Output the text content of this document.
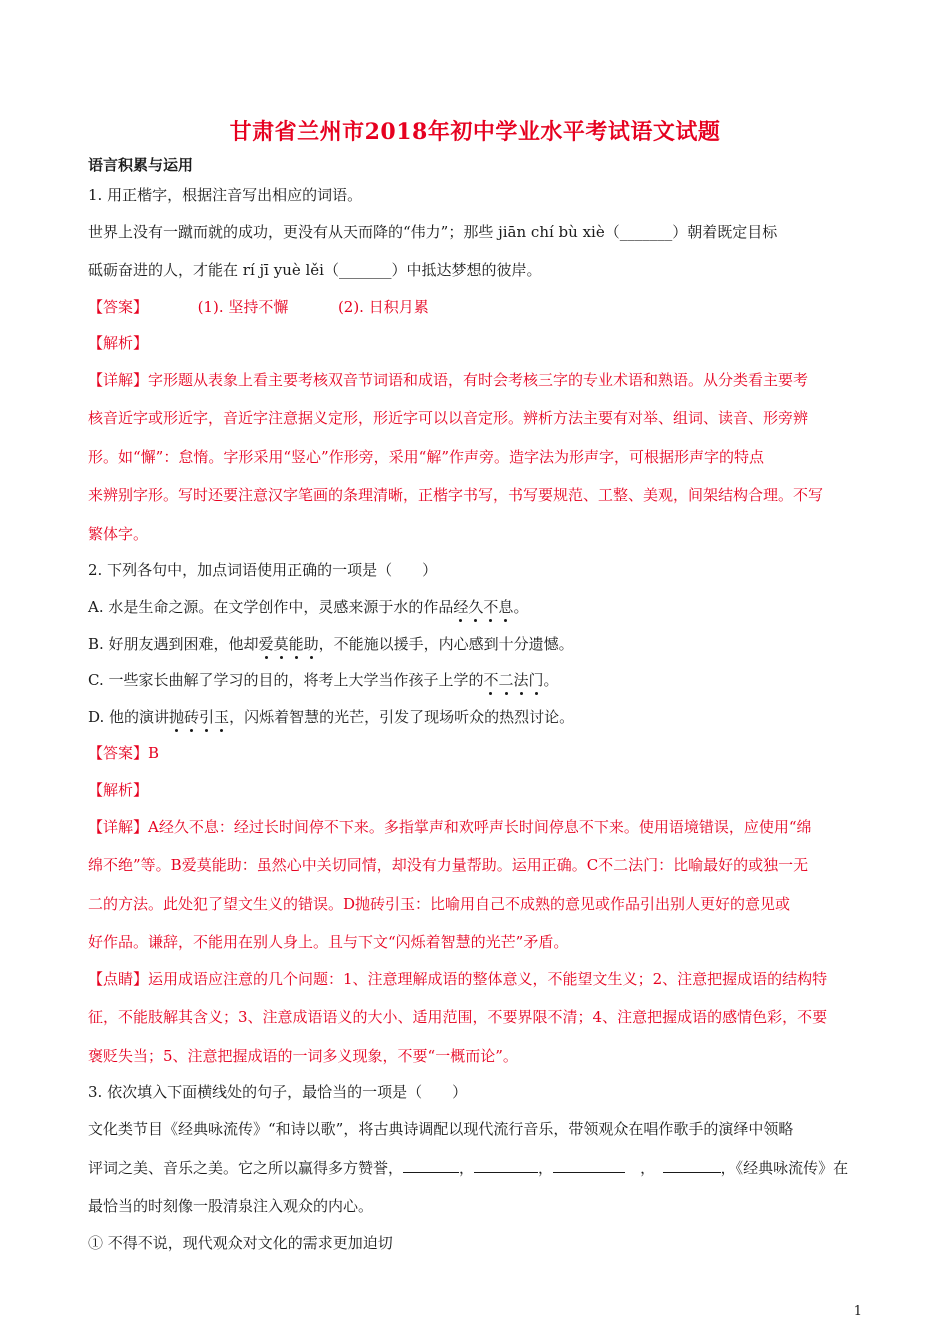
甘肃省兰州市2018年初中学业水平考试语文试题
语言积累与运用
1. 用正楷字，根据注音写出相应的词语。
世界上没有一蹴而就的成功，更没有从天而降的“伟力”；那些 jiān chí bù xiè（_______）朝着既定目标
砥砺奋进的人，才能在 rí jī yuè lěi（_______）中抵达梦想的彼岸。
【答案】	(1). 坚持不懈	(2). 日积月累
【解析】
【详解】字形题从表象上看主要考核双音节词语和成语，有时会考核三字的专业术语和熟语。从分类看主要考
核音近字或形近字，音近字注意据义定形，形近字可以以音定形。辨析方法主要有对举、组词、读音、形旁辨
形。如“懈”：怠惰。字形采用“竖心”作形旁，采用“解”作声旁。造字法为形声字，可根据形声字的特点
来辨别字形。写时还要注意汉字笔画的条理清晰，正楷字书写，书写要规范、工整、美观，间架结构合理。不写
繁体字。
2. 下列各句中，加点词语使用正确的一项是（　　）
A. 水是生命之源。在文学创作中，灵感来源于水的作品经久不息。
B. 好朋友遇到困难，他却爱莫能助，不能施以援手，内心感到十分遗憾。
C. 一些家长曲解了学习的目的，将考上大学当作孩子上学的不二法门。
D. 他的演讲抛砖引玉，闪烁着智慧的光芒，引发了现场听众的热烈讨论。
【答案】B
【解析】
【详解】A经久不息：经过长时间停不下来。多指掌声和欢呼声长时间停息不下来。使用语境错误，应使用“绵
绵不绝”等。B爱莫能助：虽然心中关切同情，却没有力量帮助。运用正确。C不二法门：比喻最好的或独一无
二的方法。此处犯了望文生义的错误。D抛砖引玉：比喻用自己不成熟的意见或作品引出别人更好的意见或
好作品。谦辞，不能用在别人身上。且与下文“闪烁着智慧的光芒”矛盾。
【点睛】运用成语应注意的几个问题：1、注意理解成语的整体意义，不能望文生义；2、注意把握成语的结构特
征，不能肢解其含义；3、注意成语语义的大小、适用范围，不要界限不清；4、注意把握成语的感情色彩，不要
褒贬失当；5、注意把握成语的一词多义现象，不要“一概而论”。
3. 依次填入下面横线处的句子，最恰当的一项是（　　）
文化类节目《经典咏流传》“和诗以歌”，将古典诗调配以现代流行音乐，带领观众在唱作歌手的演绎中领略
评词之美、音乐之美。它之所以赢得多方赞誉，	，	，　	，　	，《经典咏流传》在
最恰当的时刻像一股清泉注入观众的内心。
① 不得不说，现代观众对文化的需求更加迫切
1
